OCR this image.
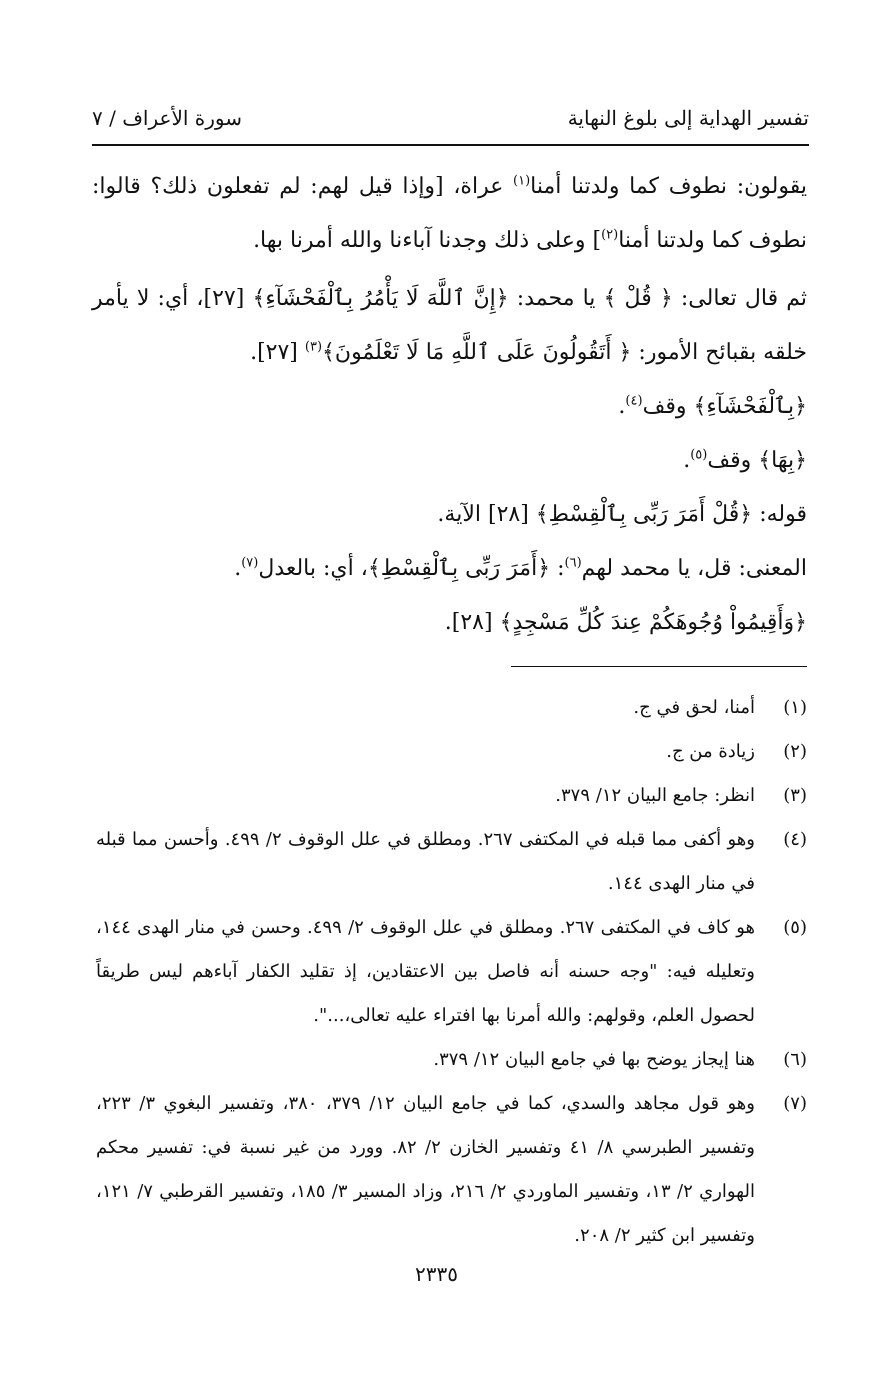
تفسير الهداية إلى بلوغ النهاية
سورة الأعراف / ٧

يقولون: نطوف كما ولدتنا أمنا$^{(١)}$ عراة، [وإذا قيل لهم: لم تفعلون ذلك؟ قالوا: نطوف كما ولدتنا أمنا$^{(٢)}$] وعلى ذلك وجدنا آباءنا والله أمرنا بها.

ثم قال تعالى: ﴿ قُلْ ﴾ يا محمد: ﴿إِنَّ ٱللَّهَ لَا يَأْمُرُ بِٱلْفَحْشَآءِ﴾ [٢٧]، أي: لا يأمر خلقه بقبائح الأمور: ﴿ أَتَقُولُونَ عَلَى ٱللَّهِ مَا لَا تَعْلَمُونَ﴾$^{(٣)}$ [٢٧].

﴿بِٱلْفَحْشَآءِ﴾ وقف$^{(٤)}$.

﴿بِهَا﴾ وقف$^{(٥)}$.

قوله: ﴿قُلْ أَمَرَ رَبِّى بِٱلْقِسْطِ﴾ [٢٨] الآية.

المعنى: قل، يا محمد لهم$^{(٦)}$: ﴿أَمَرَ رَبِّى بِٱلْقِسْطِ﴾، أي: بالعدل$^{(٧)}$.

﴿وَأَقِيمُواْ وُجُوهَكُمْ عِندَ كُلِّ مَسْجِدٍ﴾ [٢٨].

(١)
أمنا، لحق في ج.
(٢)
زيادة من ج.
(٣)
انظر: جامع البيان ١٢/ ٣٧٩.
(٤)
وهو أكفى مما قبله في المكتفى ٢٦٧. ومطلق في علل الوقوف ٢/ ٤٩٩. وأحسن مما قبله في منار الهدى ١٤٤.
(٥)
هو كاف في المكتفى ٢٦٧. ومطلق في علل الوقوف ٢/ ٤٩٩. وحسن في منار الهدى ١٤٤، وتعليله فيه: "وجه حسنه أنه فاصل بين الاعتقادين، إذ تقليد الكفار آباءهم ليس طريقاً لحصول العلم، وقولهم: والله أمرنا بها افتراء عليه تعالى،...".
(٦)
هنا إيجاز يوضح بها في جامع البيان ١٢/ ٣٧٩.
(٧)
وهو قول مجاهد والسدي، كما في جامع البيان ١٢/ ٣٧٩، ٣٨٠، وتفسير البغوي ٣/ ٢٢٣، وتفسير الطبرسي ٨/ ٤١ وتفسير الخازن ٢/ ٨٢. وورد من غير نسبة في: تفسير محكم الهواري ٢/ ١٣، وتفسير الماوردي ٢/ ٢١٦، وزاد المسير ٣/ ١٨٥، وتفسير القرطبي ٧/ ١٢١، وتفسير ابن كثير ٢/ ٢٠٨.
٢٣٣٥
